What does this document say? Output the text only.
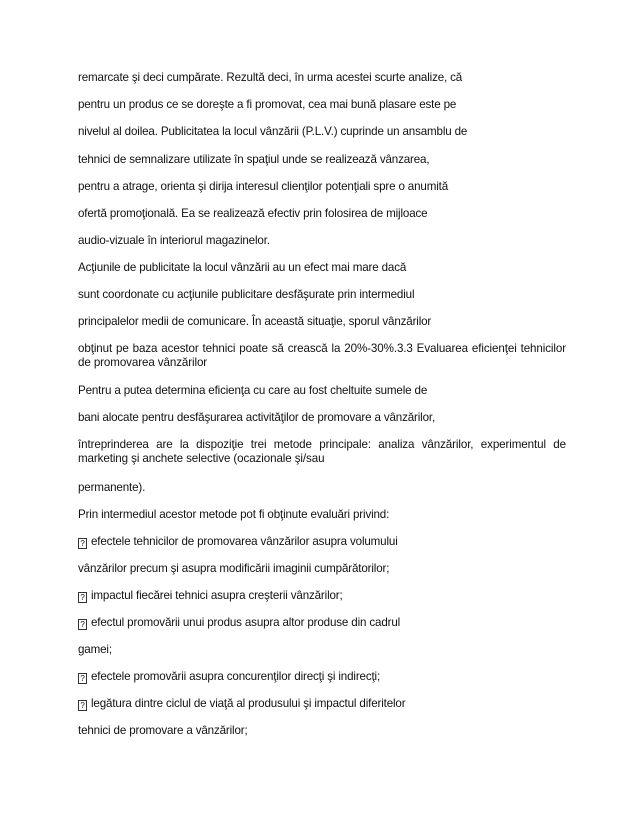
remarcate şi deci cumpărate. Rezultă deci, în urma acestei scurte analize, că
pentru un produs ce se doreşte a fi promovat, cea mai bună plasare este pe
nivelul al doilea. Publicitatea la locul vânzării (P.L.V.) cuprinde un ansamblu de
tehnici de semnalizare utilizate în spaţiul unde se realizează vânzarea,
pentru a atrage, orienta şi dirija interesul clienţilor potenţiali spre o anumită
ofertă promoţională. Ea se realizează efectiv prin folosirea de mijloace
audio-vizuale în interiorul magazinelor.
Acţiunile de publicitate la locul vânzării au un efect mai mare dacă
sunt coordonate cu acţiunile publicitare desfăşurate prin intermediul
principalelor medii de comunicare. În această situaţie, sporul vânzărilor
obţinut pe baza acestor tehnici poate să crească la 20%-30%.3.3 Evaluarea eficienţei tehnicilor de promovarea vânzărilor
Pentru a putea determina eficienţa cu care au fost cheltuite sumele de
bani alocate pentru desfăşurarea activităţilor de promovare a vânzărilor,
întreprinderea are la dispoziţie trei metode principale: analiza vânzărilor, experimentul de marketing şi anchete selective (ocazionale şi/sau
permanente).
Prin intermediul acestor metode pot fi obţinute evaluări privind:
? efectele tehnicilor de promovarea vânzărilor asupra volumului
vânzărilor precum şi asupra modificării imaginii cumpărătorilor;
? impactul fiecărei tehnici asupra creşterii vânzărilor;
? efectul promovării unui produs asupra altor produse din cadrul
gamei;
? efectele promovării asupra concurenţilor direcţi şi indirecţi;
? legătura dintre ciclul de viaţă al produsului şi impactul diferitelor
tehnici de promovare a vânzărilor;
